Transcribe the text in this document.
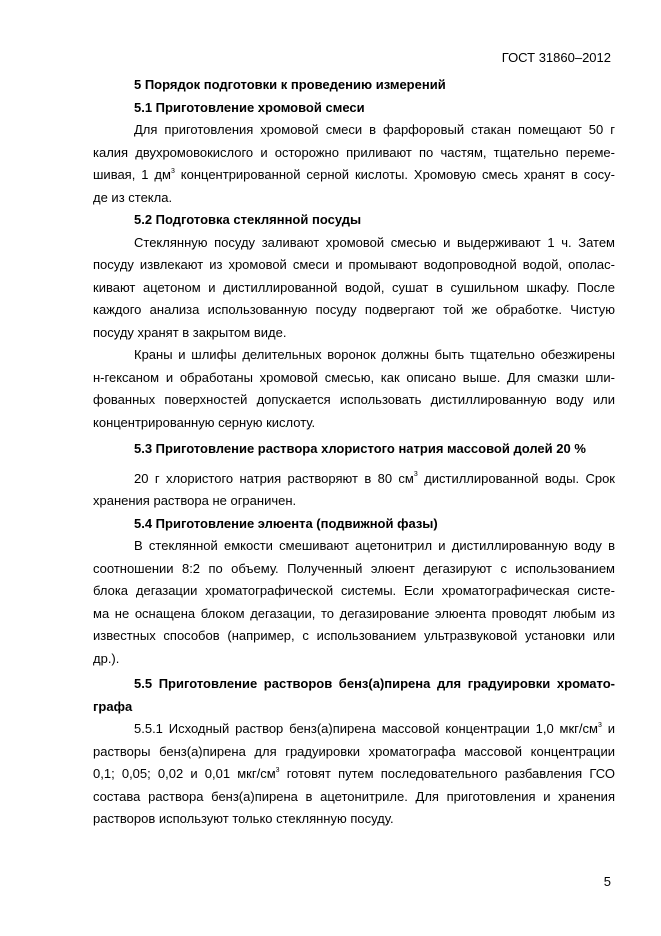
ГОСТ 31860–2012
5 Порядок подготовки к проведению измерений
5.1 Приготовление хромовой смеси
Для приготовления хромовой смеси в фарфоровый стакан помещают 50 г
калия двухромовокислого и осторожно приливают по частям, тщательно переме-
шивая, 1 $дм^3$ концентрированной серной кислоты. Хромовую смесь хранят в сосу-
де из стекла.
5.2 Подготовка стеклянной посуды
Стеклянную посуду заливают хромовой смесью и выдерживают 1 ч. Затем
посуду извлекают из хромовой смеси и промывают водопроводной водой, ополас-
кивают ацетоном и дистиллированной водой, сушат в сушильном шкафу. После
каждого анализа использованную посуду подвергают той же обработке. Чистую
посуду хранят в закрытом виде.
Краны и шлифы делительных воронок должны быть тщательно обезжирены
н-гексаном и обработаны хромовой смесью, как описано выше. Для смазки шли-
фованных поверхностей допускается использовать дистиллированную воду или
концентрированную серную кислоту.
5.3 Приготовление раствора хлористого натрия массовой долей 20 %
20 г хлористого натрия растворяют в 80 $см^3$ дистиллированной воды. Срок
хранения раствора не ограничен.
5.4 Приготовление элюента (подвижной фазы)
В стеклянной емкости смешивают ацетонитрил и дистиллированную воду в
соотношении 8:2 по объему. Полученный элюент дегазируют с использованием
блока дегазации хроматографической системы. Если хроматографическая систе-
ма не оснащена блоком дегазации, то дегазирование элюента проводят любым из
известных способов (например, с использованием ультразвуковой установки или
др.).
5.5 Приготовление растворов бенз(а)пирена для градуировки хромато-
графа
5.5.1 Исходный раствор бенз(а)пирена массовой концентрации 1,0 мкг/$см^3$ и
растворы бенз(а)пирена для градуировки хроматографа массовой концентрации
0,1; 0,05; 0,02 и 0,01 мкг/$см^3$ готовят путем последовательного разбавления ГСО
состава раствора бенз(а)пирена в ацетонитриле. Для приготовления и хранения
растворов используют только стеклянную посуду.
5
